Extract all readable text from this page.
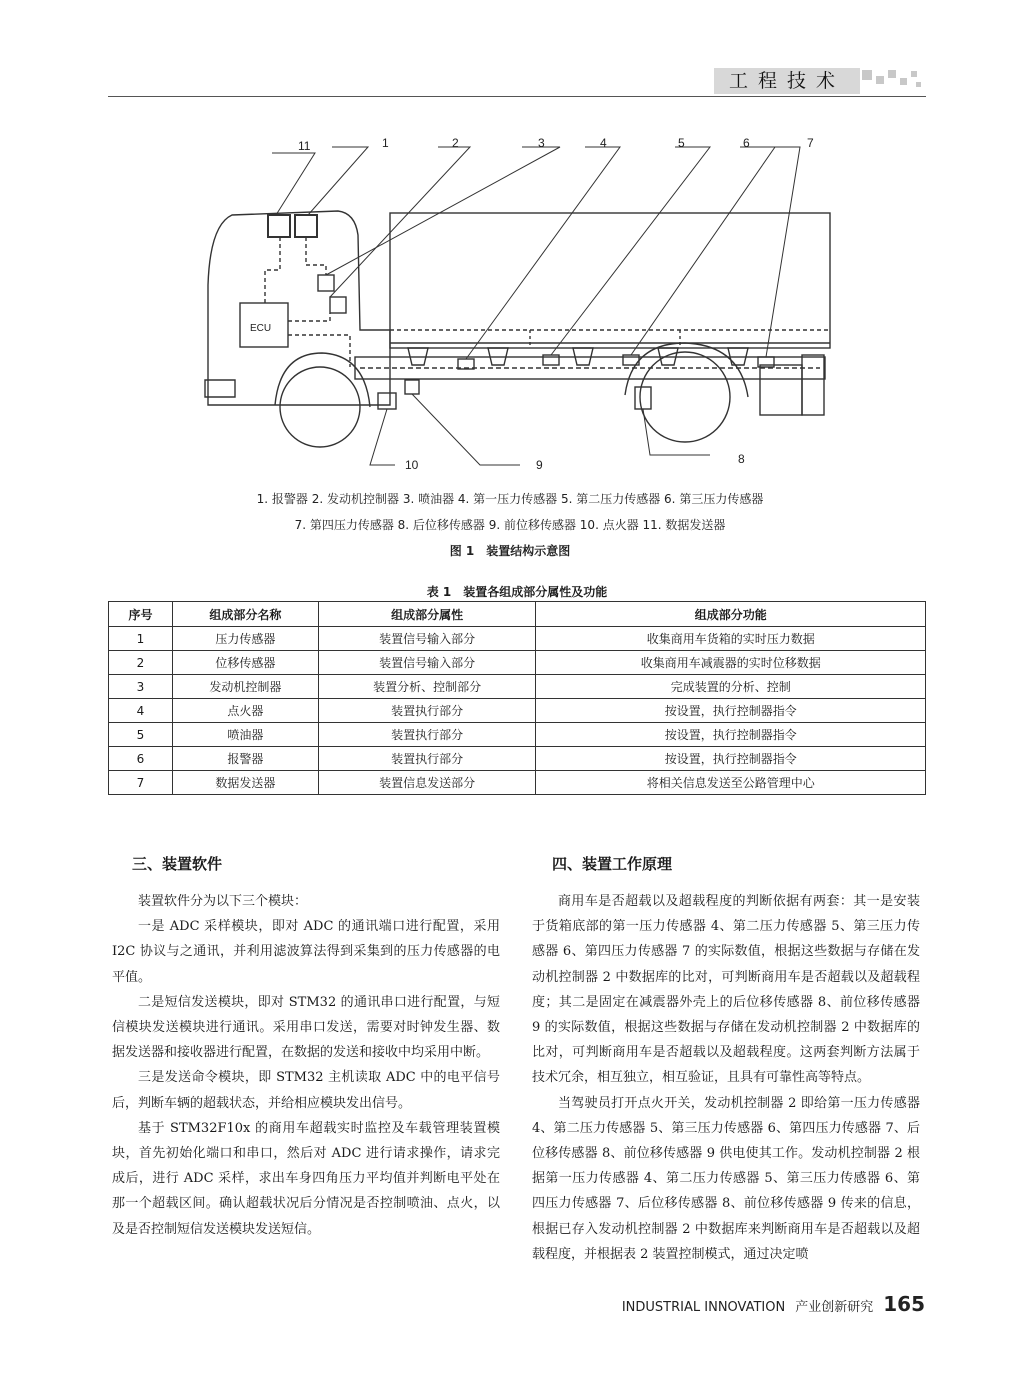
工程技术
11	1	2	3	4	5	6	7
8
9
10
ECU
1. 报警器 2. 发动机控制器 3. 喷油器 4. 第一压力传感器 5. 第二压力传感器 6. 第三压力传感器
7. 第四压力传感器 8. 后位移传感器 9. 前位移传感器 10. 点火器 11. 数据发送器
图 1　装置结构示意图
表 1　装置各组成部分属性及功能
序号	组成部分名称	组成部分属性	组成部分功能
1	压力传感器	装置信号输入部分	收集商用车货箱的实时压力数据
2	位移传感器	装置信号输入部分	收集商用车减震器的实时位移数据
3	发动机控制器	装置分析、控制部分	完成装置的分析、控制
4	点火器	装置执行部分	按设置，执行控制器指令
5	喷油器	装置执行部分	按设置，执行控制器指令
6	报警器	装置执行部分	按设置，执行控制器指令
7	数据发送器	装置信息发送部分	将相关信息发送至公路管理中心
三、装置软件

装置软件分为以下三个模块：

一是 ADC 采样模块，即对 ADC 的通讯端口进行配置，采用 I2C 协议与之通讯，并利用滤波算法得到采集到的压力传感器的电平值。

二是短信发送模块，即对 STM32 的通讯串口进行配置，与短信模块发送模块进行通讯。采用串口发送，需要对时钟发生器、数据发送器和接收器进行配置，在数据的发送和接收中均采用中断。

三是发送命令模块，即 STM32 主机读取 ADC 中的电平信号后，判断车辆的超载状态，并给相应模块发出信号。

基于 STM32F10x 的商用车超载实时监控及车载管理装置模块，首先初始化端口和串口，然后对 ADC 进行请求操作，请求完成后，进行 ADC 采样，求出车身四角压力平均值并判断电平处在那一个超载区间。确认超载状况后分情况是否控制喷油、点火，以及是否控制短信发送模块发送短信。

四、装置工作原理

商用车是否超载以及超载程度的判断依据有两套：其一是安装于货箱底部的第一压力传感器 4、第二压力传感器 5、第三压力传感器 6、第四压力传感器 7 的实际数值，根据这些数据与存储在发动机控制器 2 中数据库的比对，可判断商用车是否超载以及超载程度；其二是固定在减震器外壳上的后位移传感器 8、前位移传感器 9 的实际数值，根据这些数据与存储在发动机控制器 2 中数据库的比对，可判断商用车是否超载以及超载程度。这两套判断方法属于技术冗余，相互独立，相互验证，且具有可靠性高等特点。

当驾驶员打开点火开关，发动机控制器 2 即给第一压力传感器 4、第二压力传感器 5、第三压力传感器 6、第四压力传感器 7、后位移传感器 8、前位移传感器 9 供电使其工作。发动机控制器 2 根据第一压力传感器 4、第二压力传感器 5、第三压力传感器 6、第四压力传感器 7、后位移传感器 8、前位移传感器 9 传来的信息，根据已存入发动机控制器 2 中数据库来判断商用车是否超载以及超载程度，并根据表 2 装置控制模式，通过决定喷

INDUSTRIAL INNOVATION 产业创新研究 165
